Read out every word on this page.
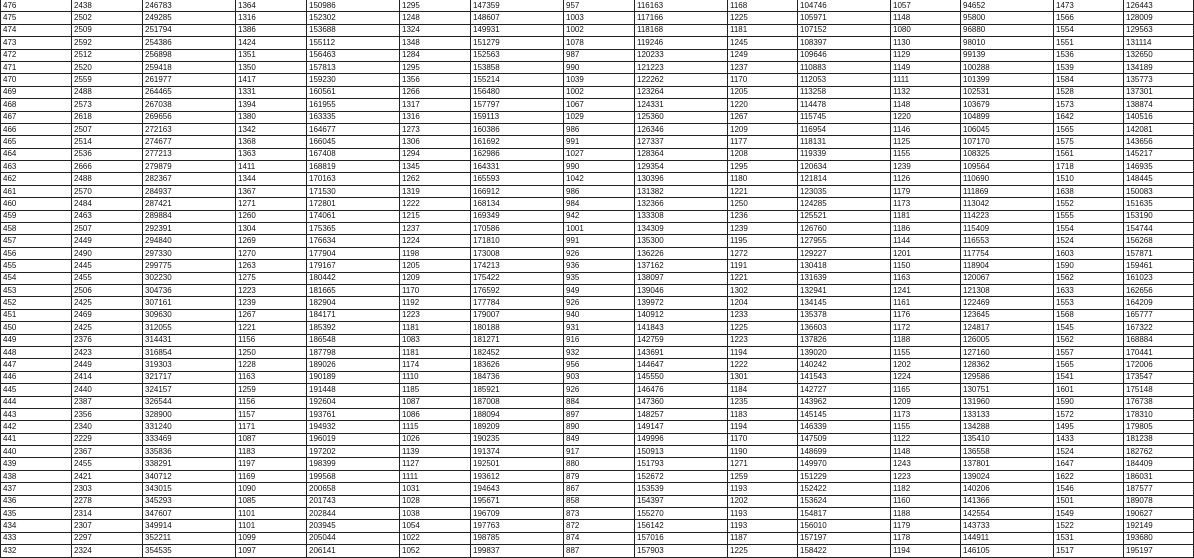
476	2438	246783	1364	150986	1295	147359	957	116163	1168	104746	1057	94652	1473	126443
475	2502	249285	1316	152302	1248	148607	1003	117166	1225	105971	1148	95800	1566	128009
474	2509	251794	1386	153688	1324	149931	1002	118168	1181	107152	1080	96880	1554	129563
473	2592	254386	1424	155112	1348	151279	1078	119246	1245	108397	1130	98010	1551	131114
472	2512	256898	1351	156463	1284	152563	987	120233	1249	109646	1129	99139	1536	132650
471	2520	259418	1350	157813	1295	153858	990	121223	1237	110883	1149	100288	1539	134189
470	2559	261977	1417	159230	1356	155214	1039	122262	1170	112053	1111	101399	1584	135773
469	2488	264465	1331	160561	1266	156480	1002	123264	1205	113258	1132	102531	1528	137301
468	2573	267038	1394	161955	1317	157797	1067	124331	1220	114478	1148	103679	1573	138874
467	2618	269656	1380	163335	1316	159113	1029	125360	1267	115745	1220	104899	1642	140516
466	2507	272163	1342	164677	1273	160386	986	126346	1209	116954	1146	106045	1565	142081
465	2514	274677	1368	166045	1306	161692	991	127337	1177	118131	1125	107170	1575	143656
464	2536	277213	1363	167408	1294	162986	1027	128364	1208	119339	1155	108325	1561	145217
463	2666	279879	1411	168819	1345	164331	990	129354	1295	120634	1239	109564	1718	146935
462	2488	282367	1344	170163	1262	165593	1042	130396	1180	121814	1126	110690	1510	148445
461	2570	284937	1367	171530	1319	166912	986	131382	1221	123035	1179	111869	1638	150083
460	2484	287421	1271	172801	1222	168134	984	132366	1250	124285	1173	113042	1552	151635
459	2463	289884	1260	174061	1215	169349	942	133308	1236	125521	1181	114223	1555	153190
458	2507	292391	1304	175365	1237	170586	1001	134309	1239	126760	1186	115409	1554	154744
457	2449	294840	1269	176634	1224	171810	991	135300	1195	127955	1144	116553	1524	156268
456	2490	297330	1270	177904	1198	173008	926	136226	1272	129227	1201	117754	1603	157871
455	2445	299775	1263	179167	1205	174213	936	137162	1191	130418	1150	118904	1590	159461
454	2455	302230	1275	180442	1209	175422	935	138097	1221	131639	1163	120067	1562	161023
453	2506	304736	1223	181665	1170	176592	949	139046	1302	132941	1241	121308	1633	162656
452	2425	307161	1239	182904	1192	177784	926	139972	1204	134145	1161	122469	1553	164209
451	2469	309630	1267	184171	1223	179007	940	140912	1233	135378	1176	123645	1568	165777
450	2425	312055	1221	185392	1181	180188	931	141843	1225	136603	1172	124817	1545	167322
449	2376	314431	1156	186548	1083	181271	916	142759	1223	137826	1188	126005	1562	168884
448	2423	316854	1250	187798	1181	182452	932	143691	1194	139020	1155	127160	1557	170441
447	2449	319303	1228	189026	1174	183626	956	144647	1222	140242	1202	128362	1565	172006
446	2414	321717	1163	190189	1110	184736	903	145550	1301	141543	1224	129586	1541	173547
445	2440	324157	1259	191448	1185	185921	926	146476	1184	142727	1165	130751	1601	175148
444	2387	326544	1156	192604	1087	187008	884	147360	1235	143962	1209	131960	1590	176738
443	2356	328900	1157	193761	1086	188094	897	148257	1183	145145	1173	133133	1572	178310
442	2340	331240	1171	194932	1115	189209	890	149147	1194	146339	1155	134288	1495	179805
441	2229	333469	1087	196019	1026	190235	849	149996	1170	147509	1122	135410	1433	181238
440	2367	335836	1183	197202	1139	191374	917	150913	1190	148699	1148	136558	1524	182762
439	2455	338291	1197	198399	1127	192501	880	151793	1271	149970	1243	137801	1647	184409
438	2421	340712	1169	199568	1111	193612	879	152672	1259	151229	1223	139024	1622	186031
437	2303	343015	1090	200658	1031	194643	867	153539	1193	152422	1182	140206	1546	187577
436	2278	345293	1085	201743	1028	195671	858	154397	1202	153624	1160	141366	1501	189078
435	2314	347607	1101	202844	1038	196709	873	155270	1193	154817	1188	142554	1549	190627
434	2307	349914	1101	203945	1054	197763	872	156142	1193	156010	1179	143733	1522	192149
433	2297	352211	1099	205044	1022	198785	874	157016	1187	157197	1178	144911	1531	193680
432	2324	354535	1097	206141	1052	199837	887	157903	1225	158422	1194	146105	1517	195197
